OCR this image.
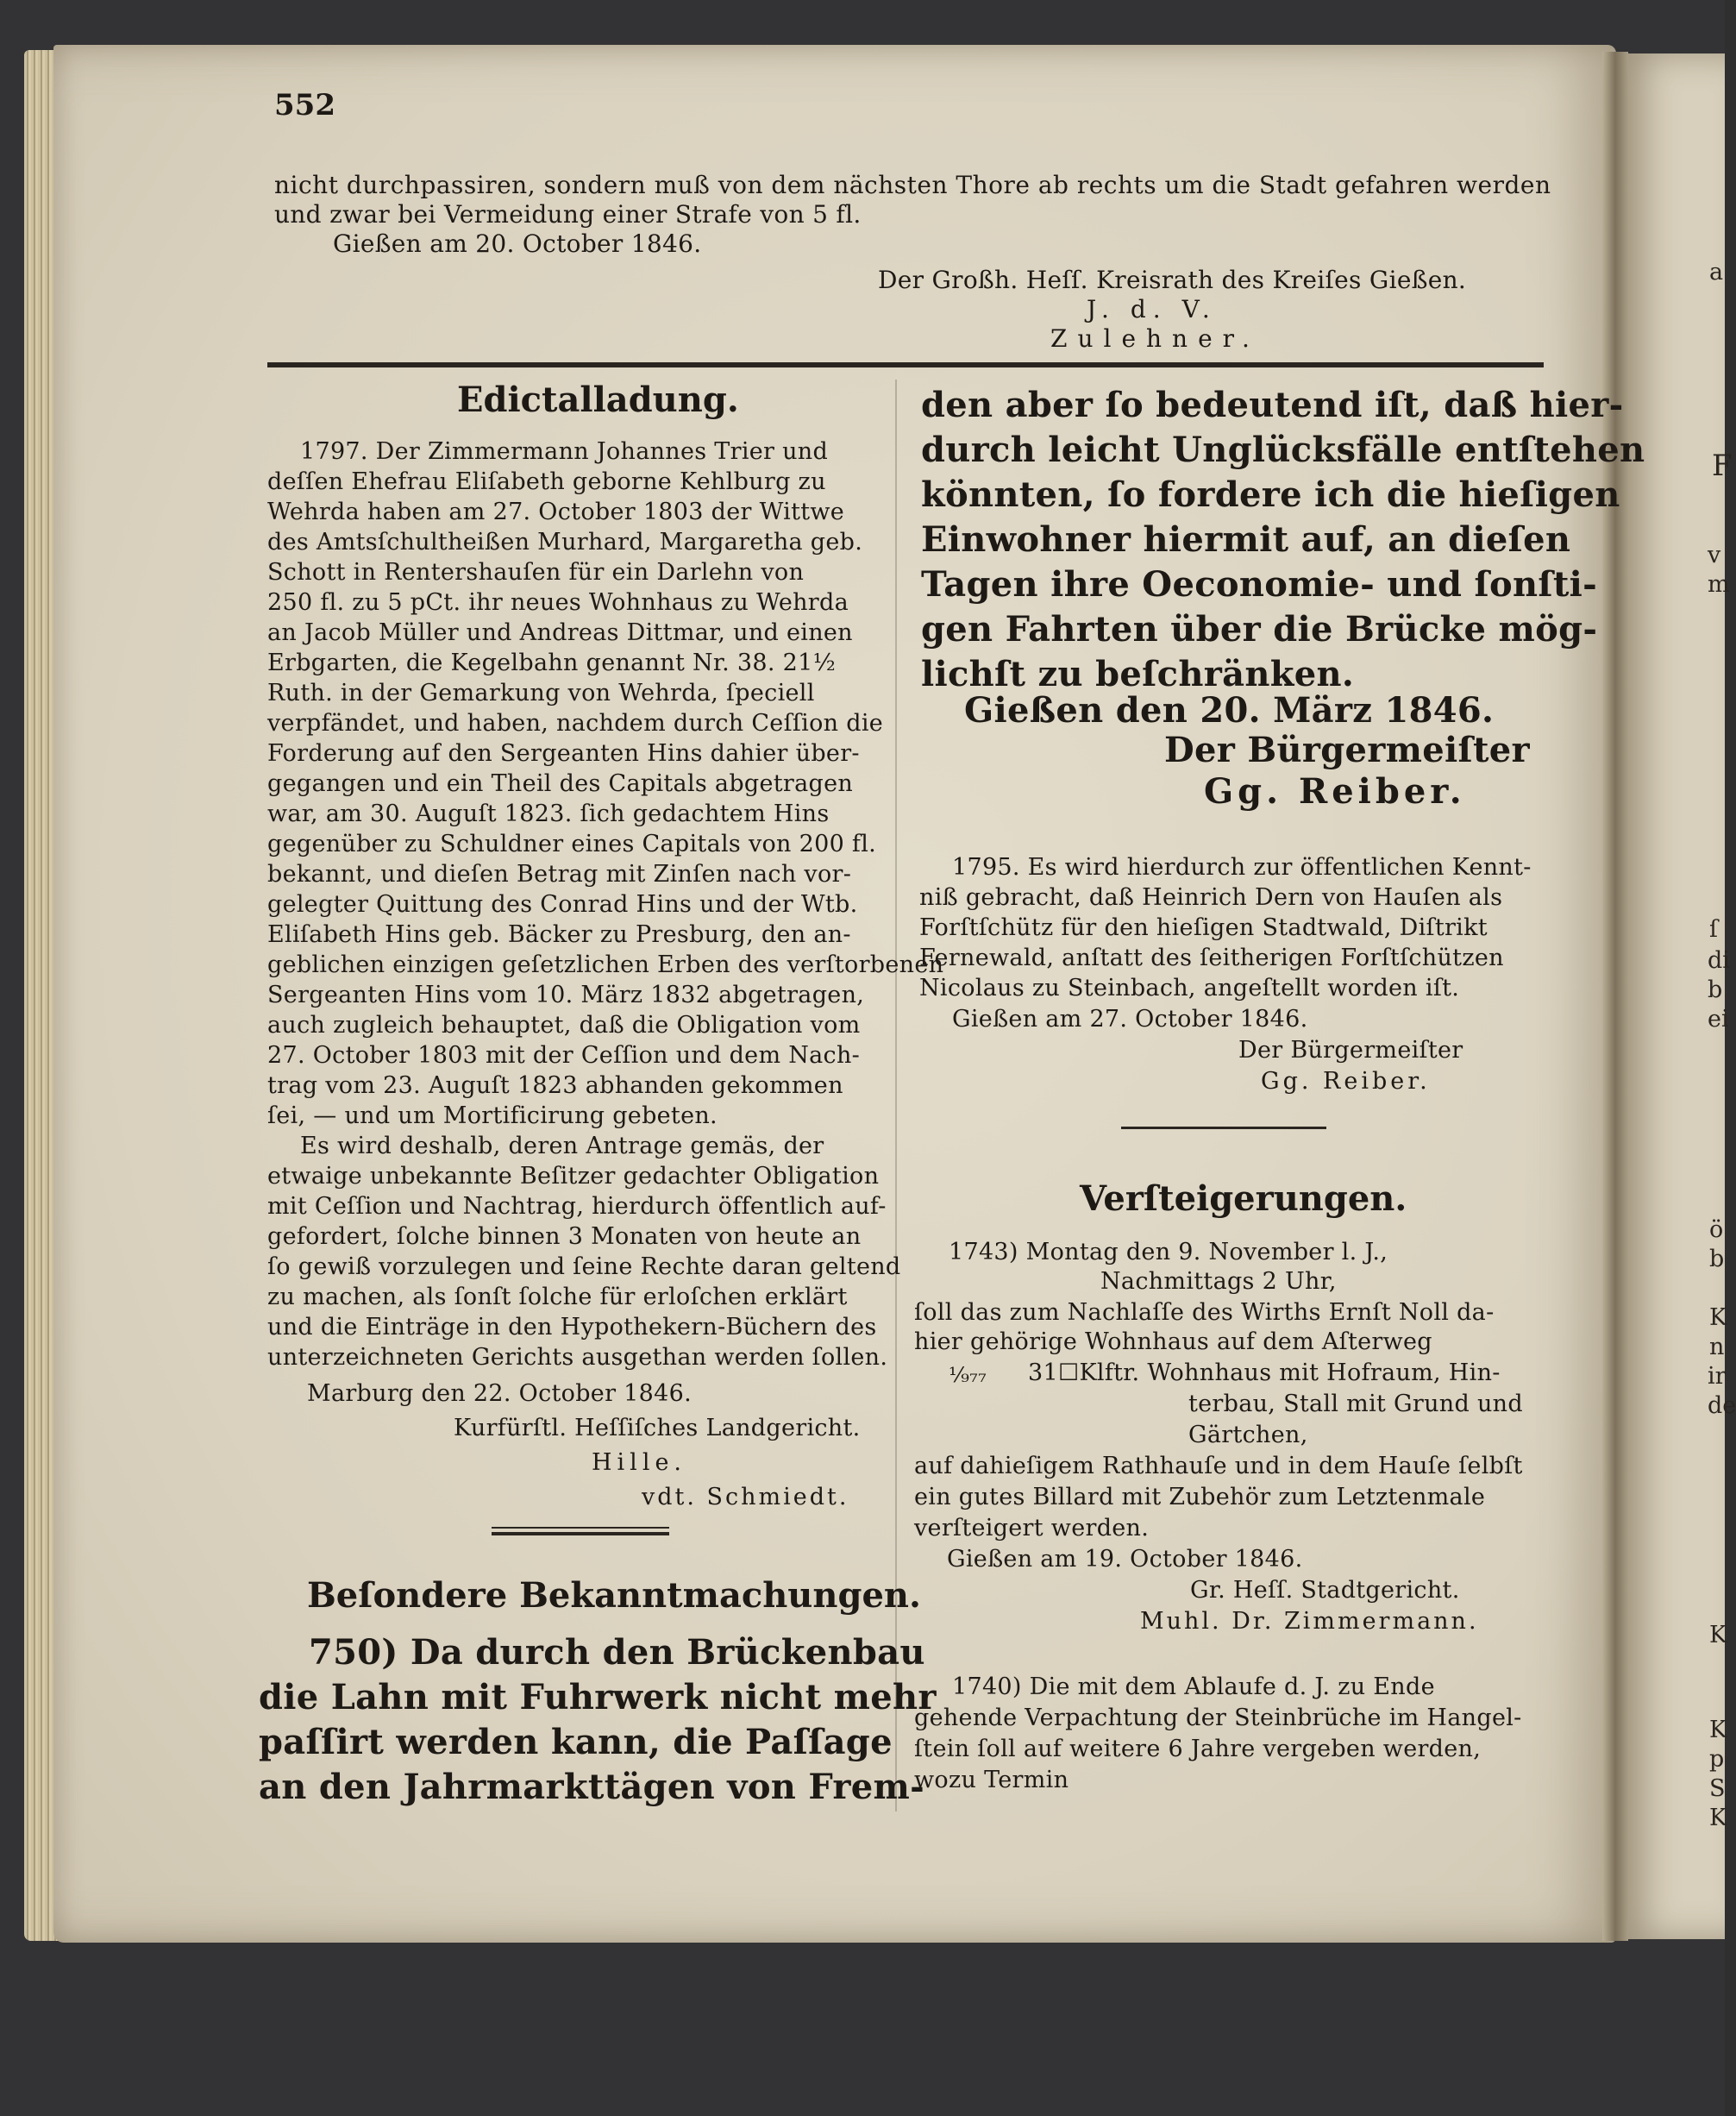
a
F
v
m
ſ
di
b
ei
ö
b
K
n
ir
de
K
K
p
S
K
552
nicht durchpassiren, sondern muß von dem nächsten Thore ab rechts um die Stadt gefahren werden
und zwar bei Vermeidung einer Strafe von 5 fl.
Gießen am 20. October 1846.
Der Großh. Heſſ. Kreisrath des Kreiſes Gießen.
J. d. V.
Zulehner.
Edictalladung.
1797. Der Zimmermann Johannes Trier und
deſſen Ehefrau Eliſabeth geborne Kehlburg zu
Wehrda haben am 27. October 1803 der Wittwe
des Amtsſchultheißen Murhard, Margaretha geb.
Schott in Rentershauſen für ein Darlehn von
250 fl. zu 5 pCt. ihr neues Wohnhaus zu Wehrda
an Jacob Müller und Andreas Dittmar, und einen
Erbgarten, die Kegelbahn genannt Nr. 38. 21½
Ruth. in der Gemarkung von Wehrda, ſpeciell
verpfändet, und haben, nachdem durch Ceſſion die
Forderung auf den Sergeanten Hins dahier über-
gegangen und ein Theil des Capitals abgetragen
war, am 30. Auguſt 1823. ſich gedachtem Hins
gegenüber zu Schuldner eines Capitals von 200 fl.
bekannt, und dieſen Betrag mit Zinſen nach vor-
gelegter Quittung des Conrad Hins und der Wtb.
Eliſabeth Hins geb. Bäcker zu Presburg, den an-
geblichen einzigen geſetzlichen Erben des verſtorbenen
Sergeanten Hins vom 10. März 1832 abgetragen,
auch zugleich behauptet, daß die Obligation vom
27. October 1803 mit der Ceſſion und dem Nach-
trag vom 23. Auguſt 1823 abhanden gekommen
ſei, — und um Mortificirung gebeten.
Es wird deshalb, deren Antrage gemäs, der
etwaige unbekannte Beſitzer gedachter Obligation
mit Ceſſion und Nachtrag, hierdurch öffentlich auf-
gefordert, ſolche binnen 3 Monaten von heute an
ſo gewiß vorzulegen und ſeine Rechte daran geltend
zu machen, als ſonſt ſolche für erloſchen erklärt
und die Einträge in den Hypothekern-Büchern des
unterzeichneten Gerichts ausgethan werden ſollen.
Marburg den 22. October 1846.
Kurfürſtl. Heſſiſches Landgericht.
Hille.
vdt. Schmiedt.
Beſondere Bekanntmachungen.
750) Da durch den Brückenbau
die Lahn mit Fuhrwerk nicht mehr
paſſirt werden kann, die Paſſage
an den Jahrmarkttägen von Frem-
den aber ſo bedeutend iſt, daß hier-
durch leicht Unglücksfälle entſtehen
könnten, ſo fordere ich die hieſigen
Einwohner hiermit auf, an dieſen
Tagen ihre Oeconomie- und ſonſti-
gen Fahrten über die Brücke mög-
lichſt zu beſchränken.
Gießen den 20. März 1846.
Der Bürgermeiſter
Gg. Reiber.
1795. Es wird hierdurch zur öffentlichen Kennt-
niß gebracht, daß Heinrich Dern von Hauſen als
Forſtſchütz für den hieſigen Stadtwald, Diſtrikt
Fernewald, anſtatt des ſeitherigen Forſtſchützen
Nicolaus zu Steinbach, angeſtellt worden iſt.
Gießen am 27. October 1846.
Der Bürgermeiſter
Gg. Reiber.
Verſteigerungen.
1743) Montag den 9. November l. J.,
Nachmittags 2 Uhr,
ſoll das zum Nachlaſſe des Wirths Ernſt Noll da-
hier gehörige Wohnhaus auf dem Aſterweg
¹⁄₉₇₇ 31☐Klftr. Wohnhaus mit Hofraum, Hin-
terbau, Stall mit Grund und
Gärtchen,
auf dahieſigem Rathhauſe und in dem Hauſe ſelbſt
ein gutes Billard mit Zubehör zum Letztenmale
verſteigert werden.
Gießen am 19. October 1846.
Gr. Heſſ. Stadtgericht.
Muhl. Dr. Zimmermann.
1740) Die mit dem Ablaufe d. J. zu Ende
gehende Verpachtung der Steinbrüche im Hangel-
ſtein ſoll auf weitere 6 Jahre vergeben werden,
wozu Termin
